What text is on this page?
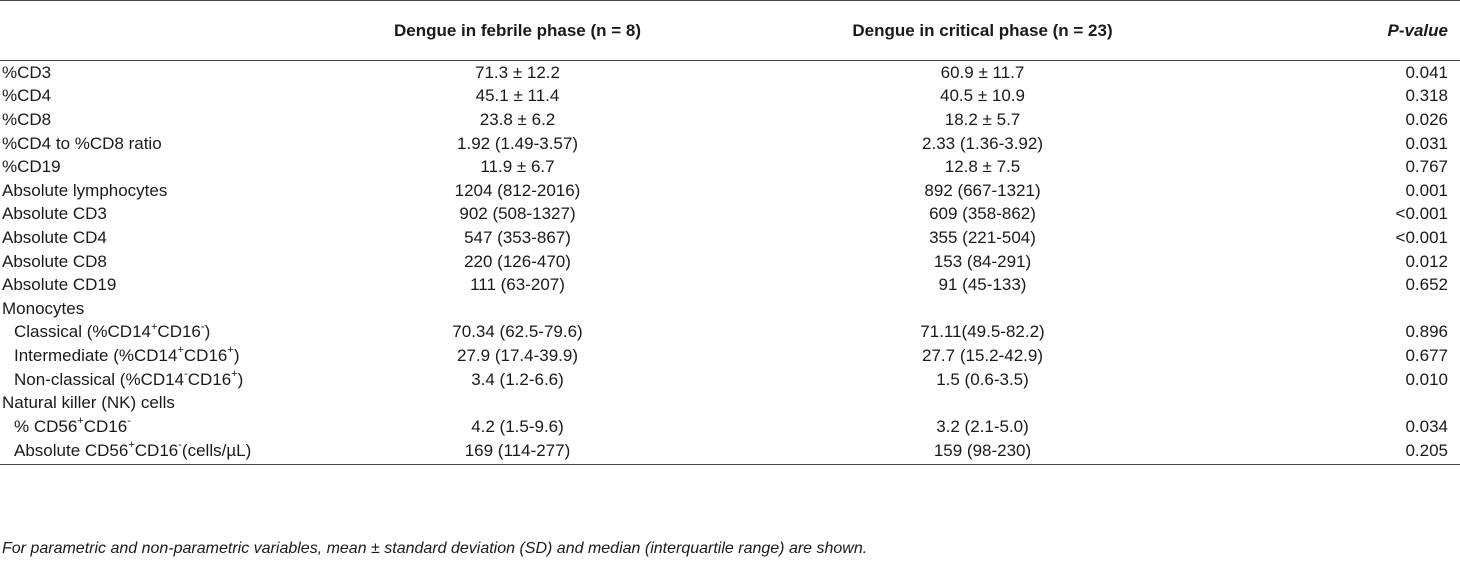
	Dengue in febrile phase (n = 8)	Dengue in critical phase (n = 23)	P-value
%CD3	71.3 ± 12.2	60.9 ± 11.7	0.041
%CD4	45.1 ± 11.4	40.5 ± 10.9	0.318
%CD8	23.8 ± 6.2	18.2 ± 5.7	0.026
%CD4 to %CD8 ratio	1.92 (1.49-3.57)	2.33 (1.36-3.92)	0.031
%CD19	11.9 ± 6.7	12.8 ± 7.5	0.767
Absolute lymphocytes	1204 (812-2016)	892 (667-1321)	0.001
Absolute CD3	902 (508-1327)	609 (358-862)	<0.001
Absolute CD4	547 (353-867)	355 (221-504)	<0.001
Absolute CD8	220 (126-470)	153 (84-291)	0.012
Absolute CD19	111 (63-207)	91 (45-133)	0.652
Monocytes			
Classical (%CD14+CD16-)	70.34 (62.5-79.6)	71.11(49.5-82.2)	0.896
Intermediate (%CD14+CD16+)	27.9 (17.4-39.9)	27.7 (15.2-42.9)	0.677
Non-classical (%CD14-CD16+)	3.4 (1.2-6.6)	1.5 (0.6-3.5)	0.010
Natural killer (NK) cells			
% CD56+CD16-	4.2 (1.5-9.6)	3.2 (2.1-5.0)	0.034
Absolute CD56+CD16-(cells/µL)	169 (114-277)	159 (98-230)	0.205
For parametric and non-parametric variables, mean ± standard deviation (SD) and median (interquartile range) are shown.
